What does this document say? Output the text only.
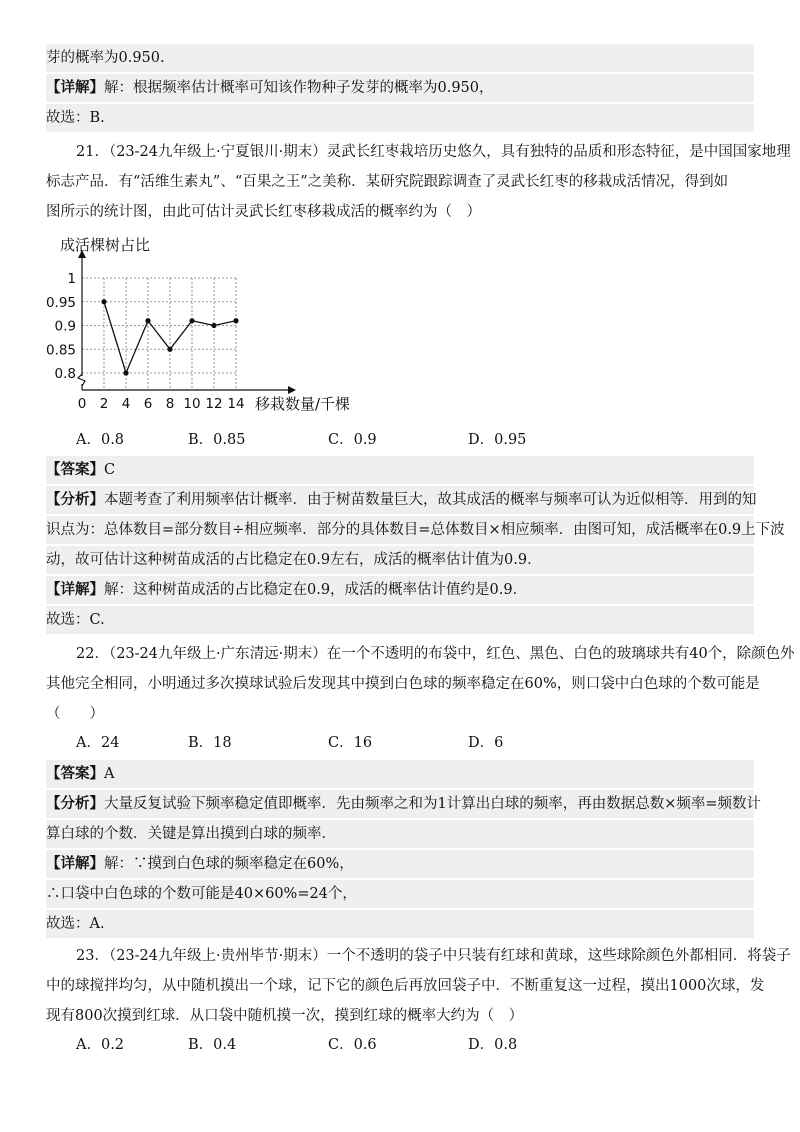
芽的概率为0.950.
【详解】解：根据频率估计概率可知该作物种子发芽的概率为0.950，
故选：B.
21．（23-24九年级上·宁夏银川·期末）灵武长红枣栽培历史悠久，具有独特的品质和形态特征，是中国国家地理
标志产品．有“活维生素丸”、“百果之王”之美称．某研究院跟踪调查了灵武长红枣的移栽成活情况，得到如
图所示的统计图，由此可估计灵武长红枣移栽成活的概率约为（　）
0.8
0.85
0.9
0.95
1
0 2 4 6 8 10 12 14
成活棵树占比
移栽数量/千棵
A．0.8	B．0.85	C．0.9	D．0.95
【答案】C
【分析】本题考查了利用频率估计概率．由于树苗数量巨大，故其成活的概率与频率可认为近似相等．用到的知
识点为：总体数目=部分数目÷相应频率．部分的具体数目=总体数目×相应频率．由图可知，成活概率在0.9上下波
动，故可估计这种树苗成活的占比稳定在0.9左右，成活的概率估计值为0.9．
【详解】解：这种树苗成活的占比稳定在0.9，成活的概率估计值约是0.9．
故选：C.
22．（23-24九年级上·广东清远·期末）在一个不透明的布袋中，红色、黑色、白色的玻璃球共有40个，除颜色外
其他完全相同，小明通过多次摸球试验后发现其中摸到白色球的频率稳定在60%，则口袋中白色球的个数可能是
（　　）
A．24	B．18	C．16	D．6
【答案】A
【分析】大量反复试验下频率稳定值即概率．先由频率之和为1计算出白球的频率，再由数据总数×频率=频数计
算白球的个数．关键是算出摸到白球的频率．
【详解】解：∵摸到白色球的频率稳定在60%，
∴口袋中白色球的个数可能是40×60%=24个，
故选：A.
23．（23-24九年级上·贵州毕节·期末）一个不透明的袋子中只装有红球和黄球，这些球除颜色外都相同．将袋子
中的球搅拌均匀，从中随机摸出一个球，记下它的颜色后再放回袋子中．不断重复这一过程，摸出1000次球，发
现有800次摸到红球．从口袋中随机摸一次，摸到红球的概率大约为（　）
A．0.2	B．0.4	C．0.6	D．0.8
